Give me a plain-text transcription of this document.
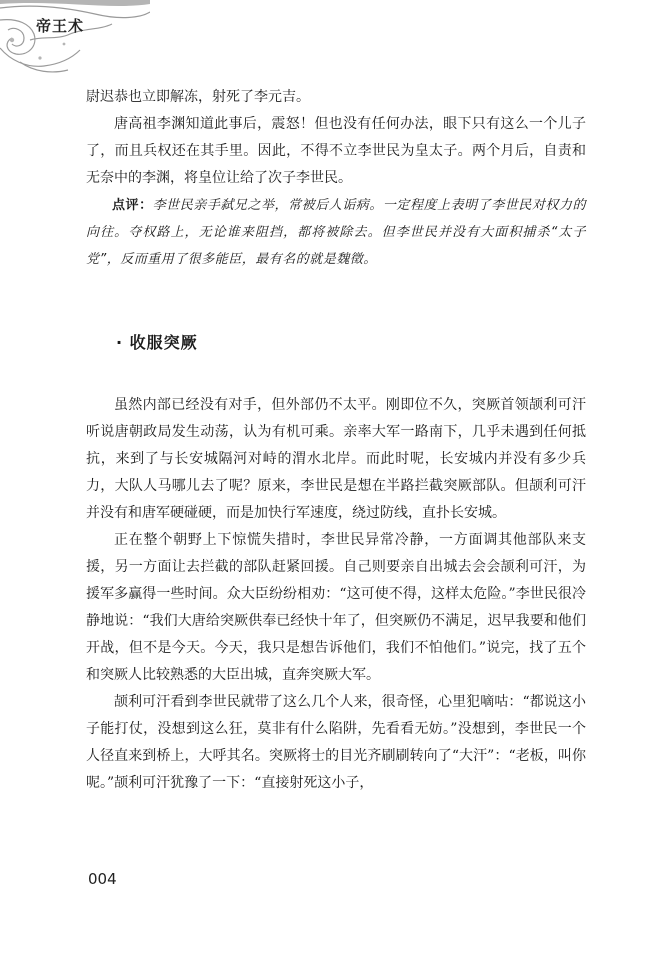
帝王术

尉迟恭也立即解冻，射死了李元吉。

唐高祖李渊知道此事后，震怒！但也没有任何办法，眼下只有这么一个儿子了，而且兵权还在其手里。因此，不得不立李世民为皇太子。两个月后，自责和无奈中的李渊，将皇位让给了次子李世民。

点评：李世民亲手弑兄之举，常被后人诟病。一定程度上表明了李世民对权力的向往。夺权路上，无论谁来阻挡，都将被除去。但李世民并没有大面积捕杀“太子党”，反而重用了很多能臣，最有名的就是魏徵。

· 收服突厥

虽然内部已经没有对手，但外部仍不太平。刚即位不久，突厥首领颉利可汗听说唐朝政局发生动荡，认为有机可乘。亲率大军一路南下，几乎未遇到任何抵抗，来到了与长安城隔河对峙的渭水北岸。而此时呢，长安城内并没有多少兵力，大队人马哪儿去了呢？原来，李世民是想在半路拦截突厥部队。但颉利可汗并没有和唐军硬碰硬，而是加快行军速度，绕过防线，直扑长安城。

正在整个朝野上下惊慌失措时，李世民异常冷静，一方面调其他部队来支援，另一方面让去拦截的部队赶紧回援。自己则要亲自出城去会会颉利可汗，为援军多赢得一些时间。众大臣纷纷相劝：“这可使不得，这样太危险。”李世民很冷静地说：“我们大唐给突厥供奉已经快十年了，但突厥仍不满足，迟早我要和他们开战，但不是今天。今天，我只是想告诉他们，我们不怕他们。”说完，找了五个和突厥人比较熟悉的大臣出城，直奔突厥大军。

颉利可汗看到李世民就带了这么几个人来，很奇怪，心里犯嘀咕：“都说这小子能打仗，没想到这么狂，莫非有什么陷阱，先看看无妨。”没想到，李世民一个人径直来到桥上，大呼其名。突厥将士的目光齐刷刷转向了“大汗”：“老板，叫你呢。”颉利可汗犹豫了一下：“直接射死这小子，

004
